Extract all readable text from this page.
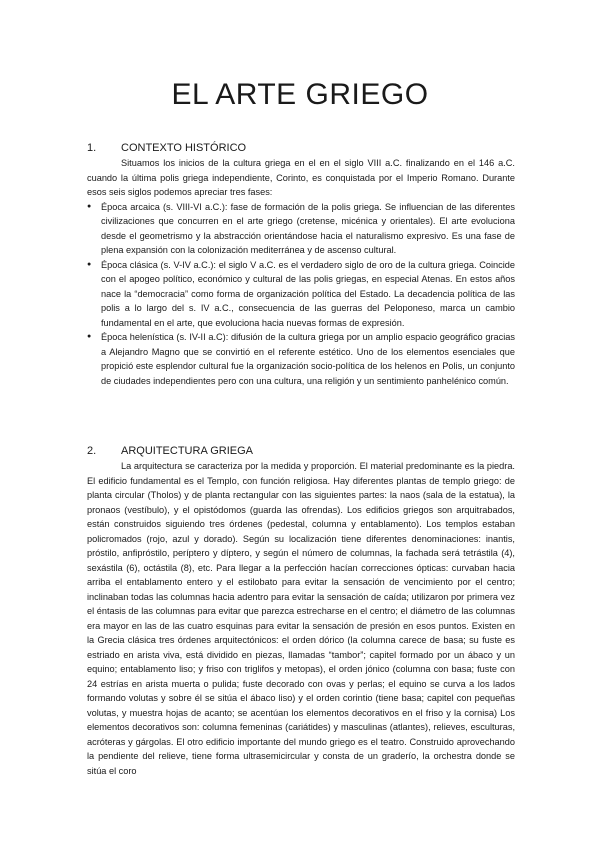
EL ARTE GRIEGO
1. CONTEXTO HISTÓRICO

Situamos los inicios de la cultura griega en el en el siglo VIII a.C. finalizando en el 146 a.C. cuando la última polis griega independiente, Corinto, es conquistada por el Imperio Romano. Durante esos seis siglos podemos apreciar tres fases:

● Época arcaica (s. VIII-VI a.C.): fase de formación de la polis griega. Se influencian de las diferentes civilizaciones que concurren en el arte griego (cretense, micénica y orientales). El arte evoluciona desde el geometrismo y la abstracción orientándose hacia el naturalismo expresivo. Es una fase de plena expansión con la colonización mediterránea y de ascenso cultural.
● Época clásica (s. V-IV a.C.): el siglo V a.C. es el verdadero siglo de oro de la cultura griega. Coincide con el apogeo político, económico y cultural de las polis griegas, en especial Atenas. En estos años nace la “democracia” como forma de organización política del Estado. La decadencia política de las polis a lo largo del s. IV a.C., consecuencia de las guerras del Peloponeso, marca un cambio fundamental en el arte, que evoluciona hacia nuevas formas de expresión.
● Época helenística (s. IV-II a.C): difusión de la cultura griega por un amplio espacio geográfico gracias a Alejandro Magno que se convirtió en el referente estético. Uno de los elementos esenciales que propició este esplendor cultural fue la organización socio-política de los helenos en Polis, un conjunto de ciudades independientes pero con una cultura, una religión y un sentimiento panhelénico común.
2. ARQUITECTURA GRIEGA

La arquitectura se caracteriza por la medida y proporción. El material predominante es la piedra. El edificio fundamental es el Templo, con función religiosa. Hay diferentes plantas de templo griego: de planta circular (Tholos) y de planta rectangular con las siguientes partes: la naos (sala de la estatua), la pronaos (vestíbulo), y el opistódomos (guarda las ofrendas). Los edificios griegos son arquitrabados, están construidos siguiendo tres órdenes (pedestal, columna y entablamento). Los templos estaban policromados (rojo, azul y dorado). Según su localización tiene diferentes denominaciones: inantis, próstilo, anfipróstilo, períptero y díptero, y según el número de columnas, la fachada será tetrástila (4), sexástila (6), octástila (8), etc. Para llegar a la perfección hacían correcciones ópticas: curvaban hacia arriba el entablamento entero y el estilobato para evitar la sensación de vencimiento por el centro; inclinaban todas las columnas hacia adentro para evitar la sensación de caída; utilizaron por primera vez el éntasis de las columnas para evitar que parezca estrecharse en el centro; el diámetro de las columnas era mayor en las de las cuatro esquinas para evitar la sensación de presión en esos puntos. Existen en la Grecia clásica tres órdenes arquitectónicos: el orden dórico (la columna carece de basa; su fuste es estriado en arista viva, está dividido en piezas, llamadas “tambor”; capitel formado por un ábaco y un equino; entablamento liso; y friso con triglifos y metopas), el orden jónico (columna con basa; fuste con 24 estrías en arista muerta o pulida; fuste decorado con ovas y perlas; el equino se curva a los lados formando volutas y sobre él se sitúa el ábaco liso) y el orden corintio (tiene basa; capitel con pequeñas volutas, y muestra hojas de acanto; se acentúan los elementos decorativos en el friso y la cornisa) Los elementos decorativos son: columna femeninas (cariátides) y masculinas (atlantes), relieves, esculturas, acróteras y gárgolas. El otro edificio importante del mundo griego es el teatro. Construido aprovechando la pendiente del relieve, tiene forma ultrasemicircular y consta de un graderío, la orchestra donde se sitúa el coro
